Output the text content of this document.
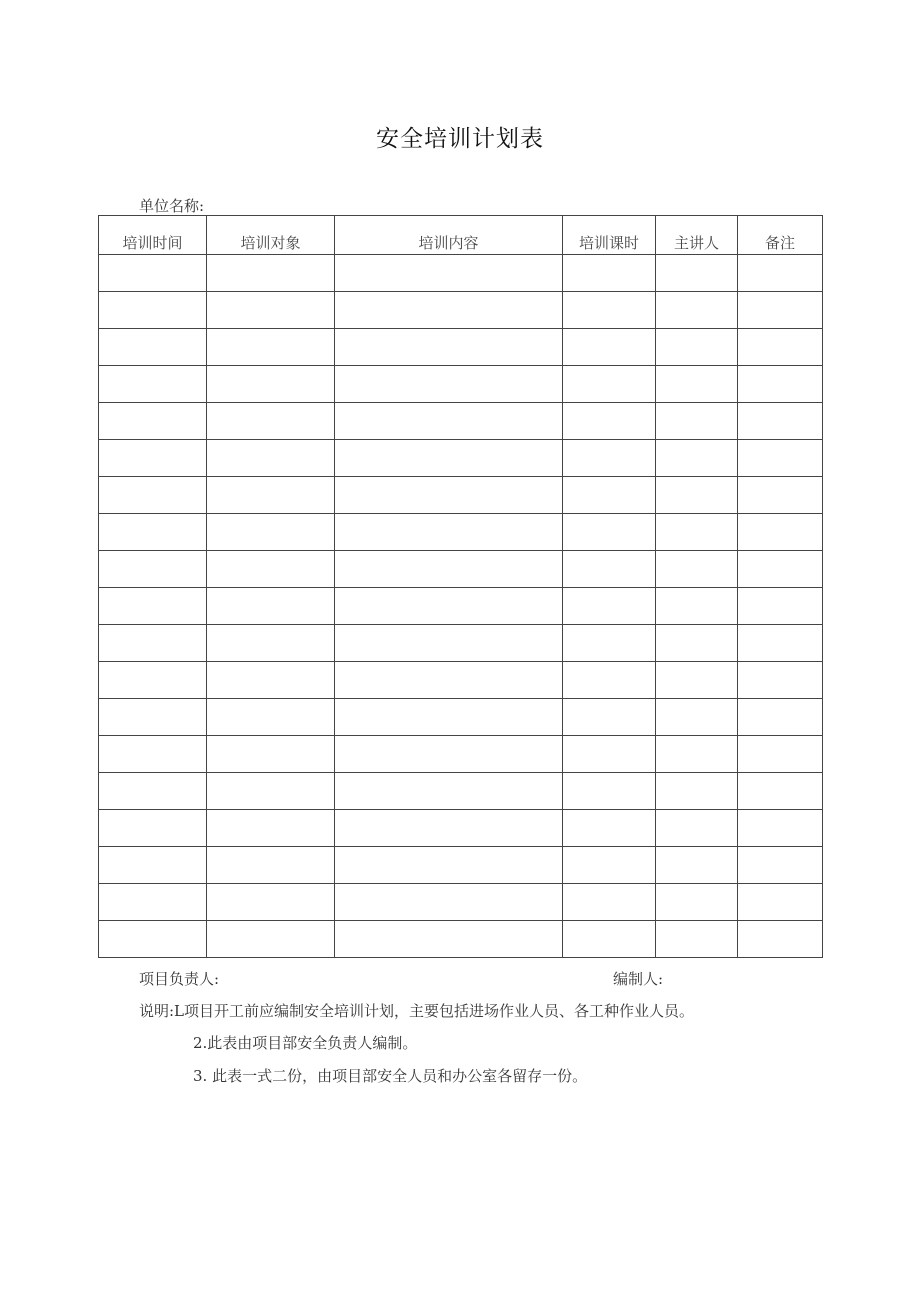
安全培训计划表
单位名称:
培训时间	培训对象	培训内容	培训课时	主讲人	备注

项目负责人:	编制人:
说明:L项目开工前应编制安全培训计划，主要包括进场作业人员、各工种作业人员。
2.此表由项目部安全负责人编制。
3. 此表一式二份，由项目部安全人员和办公室各留存一份。
